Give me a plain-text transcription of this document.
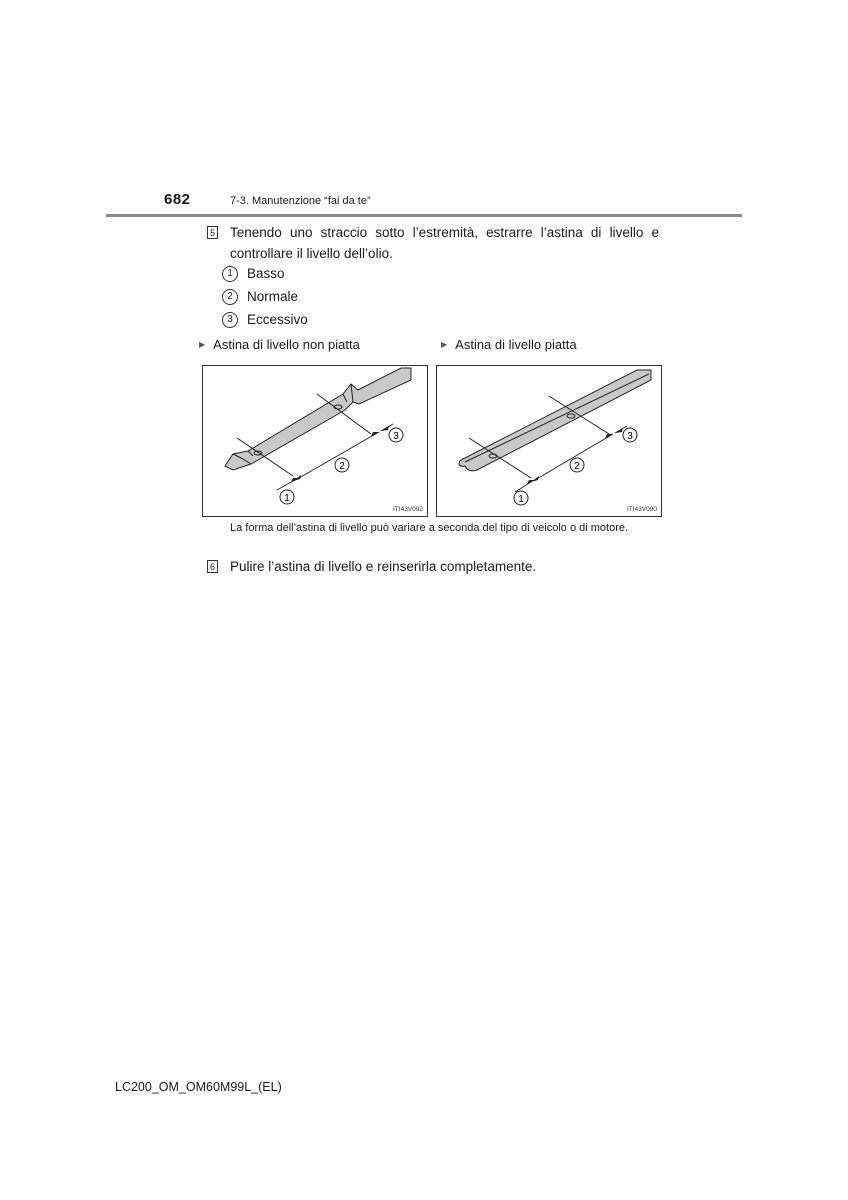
682	7-3. Manutenzione “fai da te”
5 Tenendo uno straccio sotto l’estremità, estrarre l’astina di livello e controllare il livello dell’olio.
1	Basso
2	Normale
3	Eccessivo
▶ Astina di livello non piatta	▶ Astina di livello piatta
1
2
3
ITI43V092
1
2
3
ITI43V090
La forma dell’astina di livello può variare a seconda del tipo di veicolo o di motore.
6 Pulire l’astina di livello e reinserirla completamente.
LC200_OM_OM60M99L_(EL)
